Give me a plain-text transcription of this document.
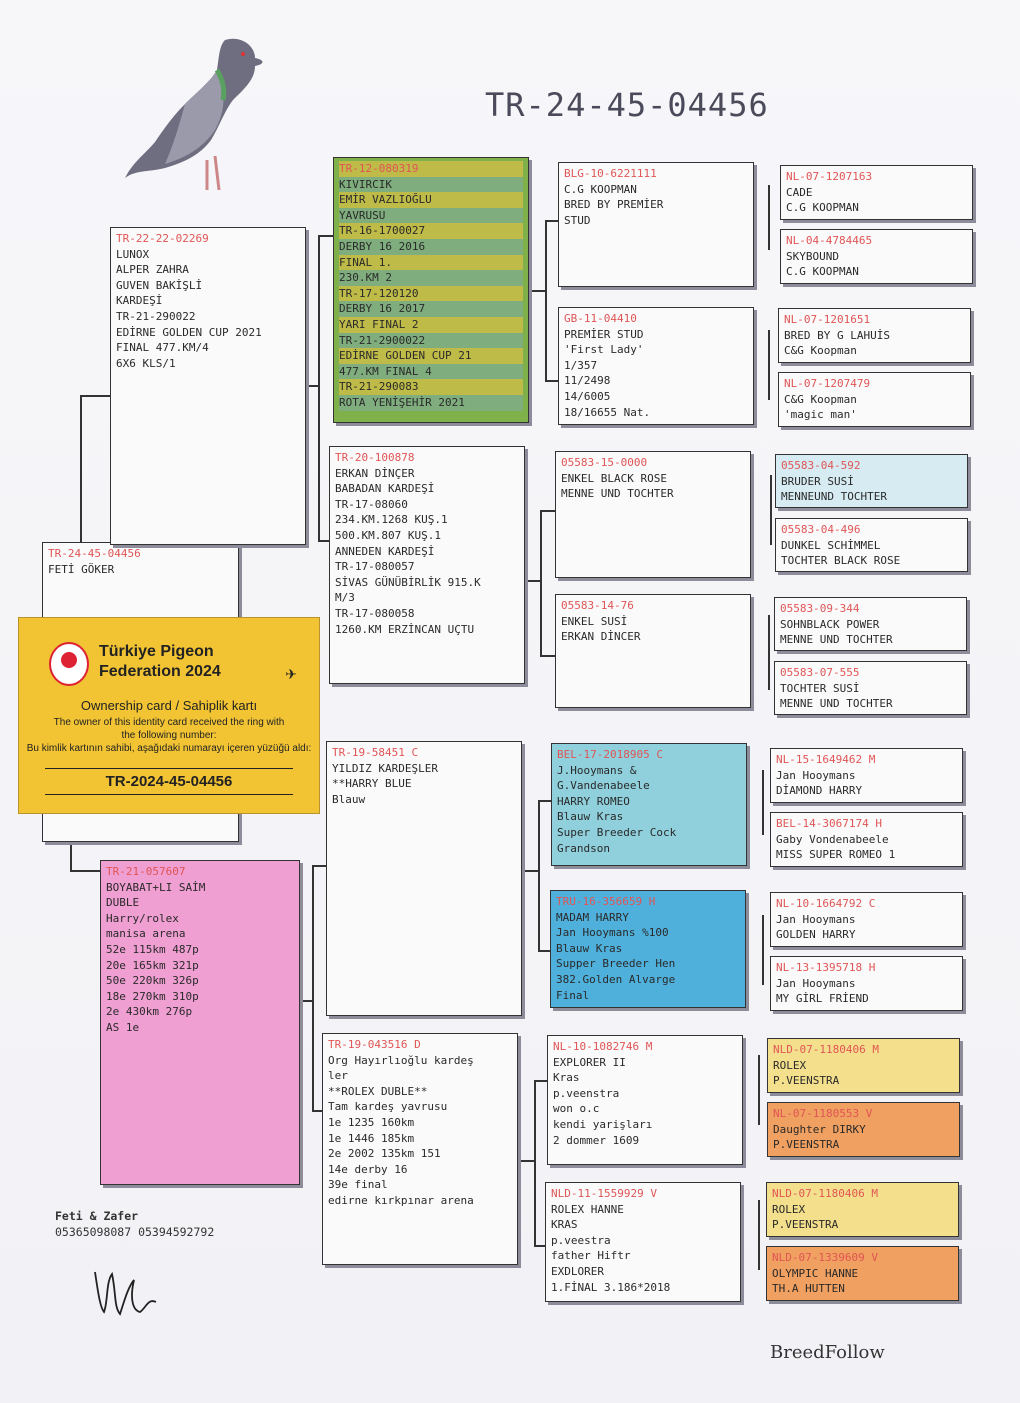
TR-24-45-04456
TR-24-45-04456
FETİ GÖKER
TR-22-22-02269
LUNOX
ALPER ZAHRA
GUVEN BAKİŞLİ
KARDEŞİ
TR-21-290022
EDİRNE GOLDEN CUP 2021
FINAL 477.KM/4
6X6 KLS/1
TR-21-057607
BOYABAT+LI SAİM
DUBLE
Harry/rolex
manisa arena
52e 115km 487p
20e 165km 321p
50e 220km 326p
18e 270km 310p
2e 430km 276p
AS 1e
TR-12-080319
KIVIRCIK
EMİR VAZLIOĞLU
YAVRUSU
TR-16-1700027
DERBY 16 2016
FINAL 1.
230.KM 2
TR-17-120120
DERBY 16 2017
YARI FINAL 2
TR-21-2900022
EDİRNE GOLDEN CUP 21
477.KM FINAL 4
TR-21-290083
ROTA YENİŞEHİR 2021
TR-20-100878
ERKAN DİNÇER
BABADAN KARDEŞİ
TR-17-08060
234.KM.1268 KUŞ.1
500.KM.807 KUŞ.1
ANNEDEN KARDEŞİ
TR-17-080057
SİVAS GÜNÜBİRLİK 915.K
M/3
TR-17-080058
1260.KM ERZİNCAN UÇTU
TR-19-58451 C
YILDIZ KARDEŞLER
**HARRY BLUE
Blauw
TR-19-043516 D
Org Hayırlıoğlu kardeş
ler
**ROLEX DUBLE**
Tam kardeş yavrusu
1e 1235 160km
1e 1446 185km
2e 2002 135km 151
14e derby 16
39e final
edirne kırkpınar arena
BLG-10-6221111
C.G KOOPMAN
BRED BY PREMİER
STUD
GB-11-04410
PREMİER STUD
'First Lady'
1/357
11/2498
14/6005
18/16655 Nat.
05583-15-0000
ENKEL BLACK ROSE
MENNE UND TOCHTER
05583-14-76
ENKEL SUSİ
ERKAN DİNCER
BEL-17-2018905 C
J.Hooymans &
G.Vandenabeele
HARRY ROMEO
Blauw Kras
Super Breeder Cock
Grandson
TRU-16-356659 H
MADAM HARRY
Jan Hooymans %100
Blauw Kras
Supper Breeder Hen
382.Golden Alvarge
Final
NL-10-1082746 M
EXPLORER II
Kras
p.veenstra
won o.c
kendi yarişları
2 dommer 1609
NLD-11-1559929 V
ROLEX HANNE
KRAS
p.veestra
father Hiftr
EXDLORER
1.FİNAL 3.186*2018
NL-07-1207163
CADE
C.G KOOPMAN
NL-04-4784465
SKYBOUND
C.G KOOPMAN
NL-07-1201651
BRED BY G LAHUİS
C&G Koopman
NL-07-1207479
C&G Koopman
'magic man'
05583-04-592
BRUDER SUSİ
MENNEUND TOCHTER
05583-04-496
DUNKEL SCHİMMEL
TOCHTER BLACK ROSE
05583-09-344
SOHNBLACK POWER
MENNE UND TOCHTER
05583-07-555
TOCHTER SUSİ
MENNE UND TOCHTER
NL-15-1649462 M
Jan Hooymans
DİAMOND HARRY
BEL-14-3067174 H
Gaby Vondenabeele
MISS SUPER ROMEO 1
NL-10-1664792 C
Jan Hooymans
GOLDEN HARRY
NL-13-1395718 H
Jan Hooymans
MY GİRL FRİEND
NLD-07-1180406 M
ROLEX
P.VEENSTRA
NL-07-1180553 V
Daughter DIRKY
P.VEENSTRA
NLD-07-1180406 M
ROLEX
P.VEENSTRA
NLD-07-1339609 V
OLYMPIC HANNE
TH.A HUTTEN
Türkiye Pigeon
Federation 2024	✈
Ownership card / Sahiplik kartı
The owner of this identity card received the ring with
the following number:
Bu kimlik kartının sahibi, aşağıdaki numarayı içeren yüzüğü aldı:
TR-2024-45-04456
Feti & Zafer
05365098087 05394592792
BreedFollow
